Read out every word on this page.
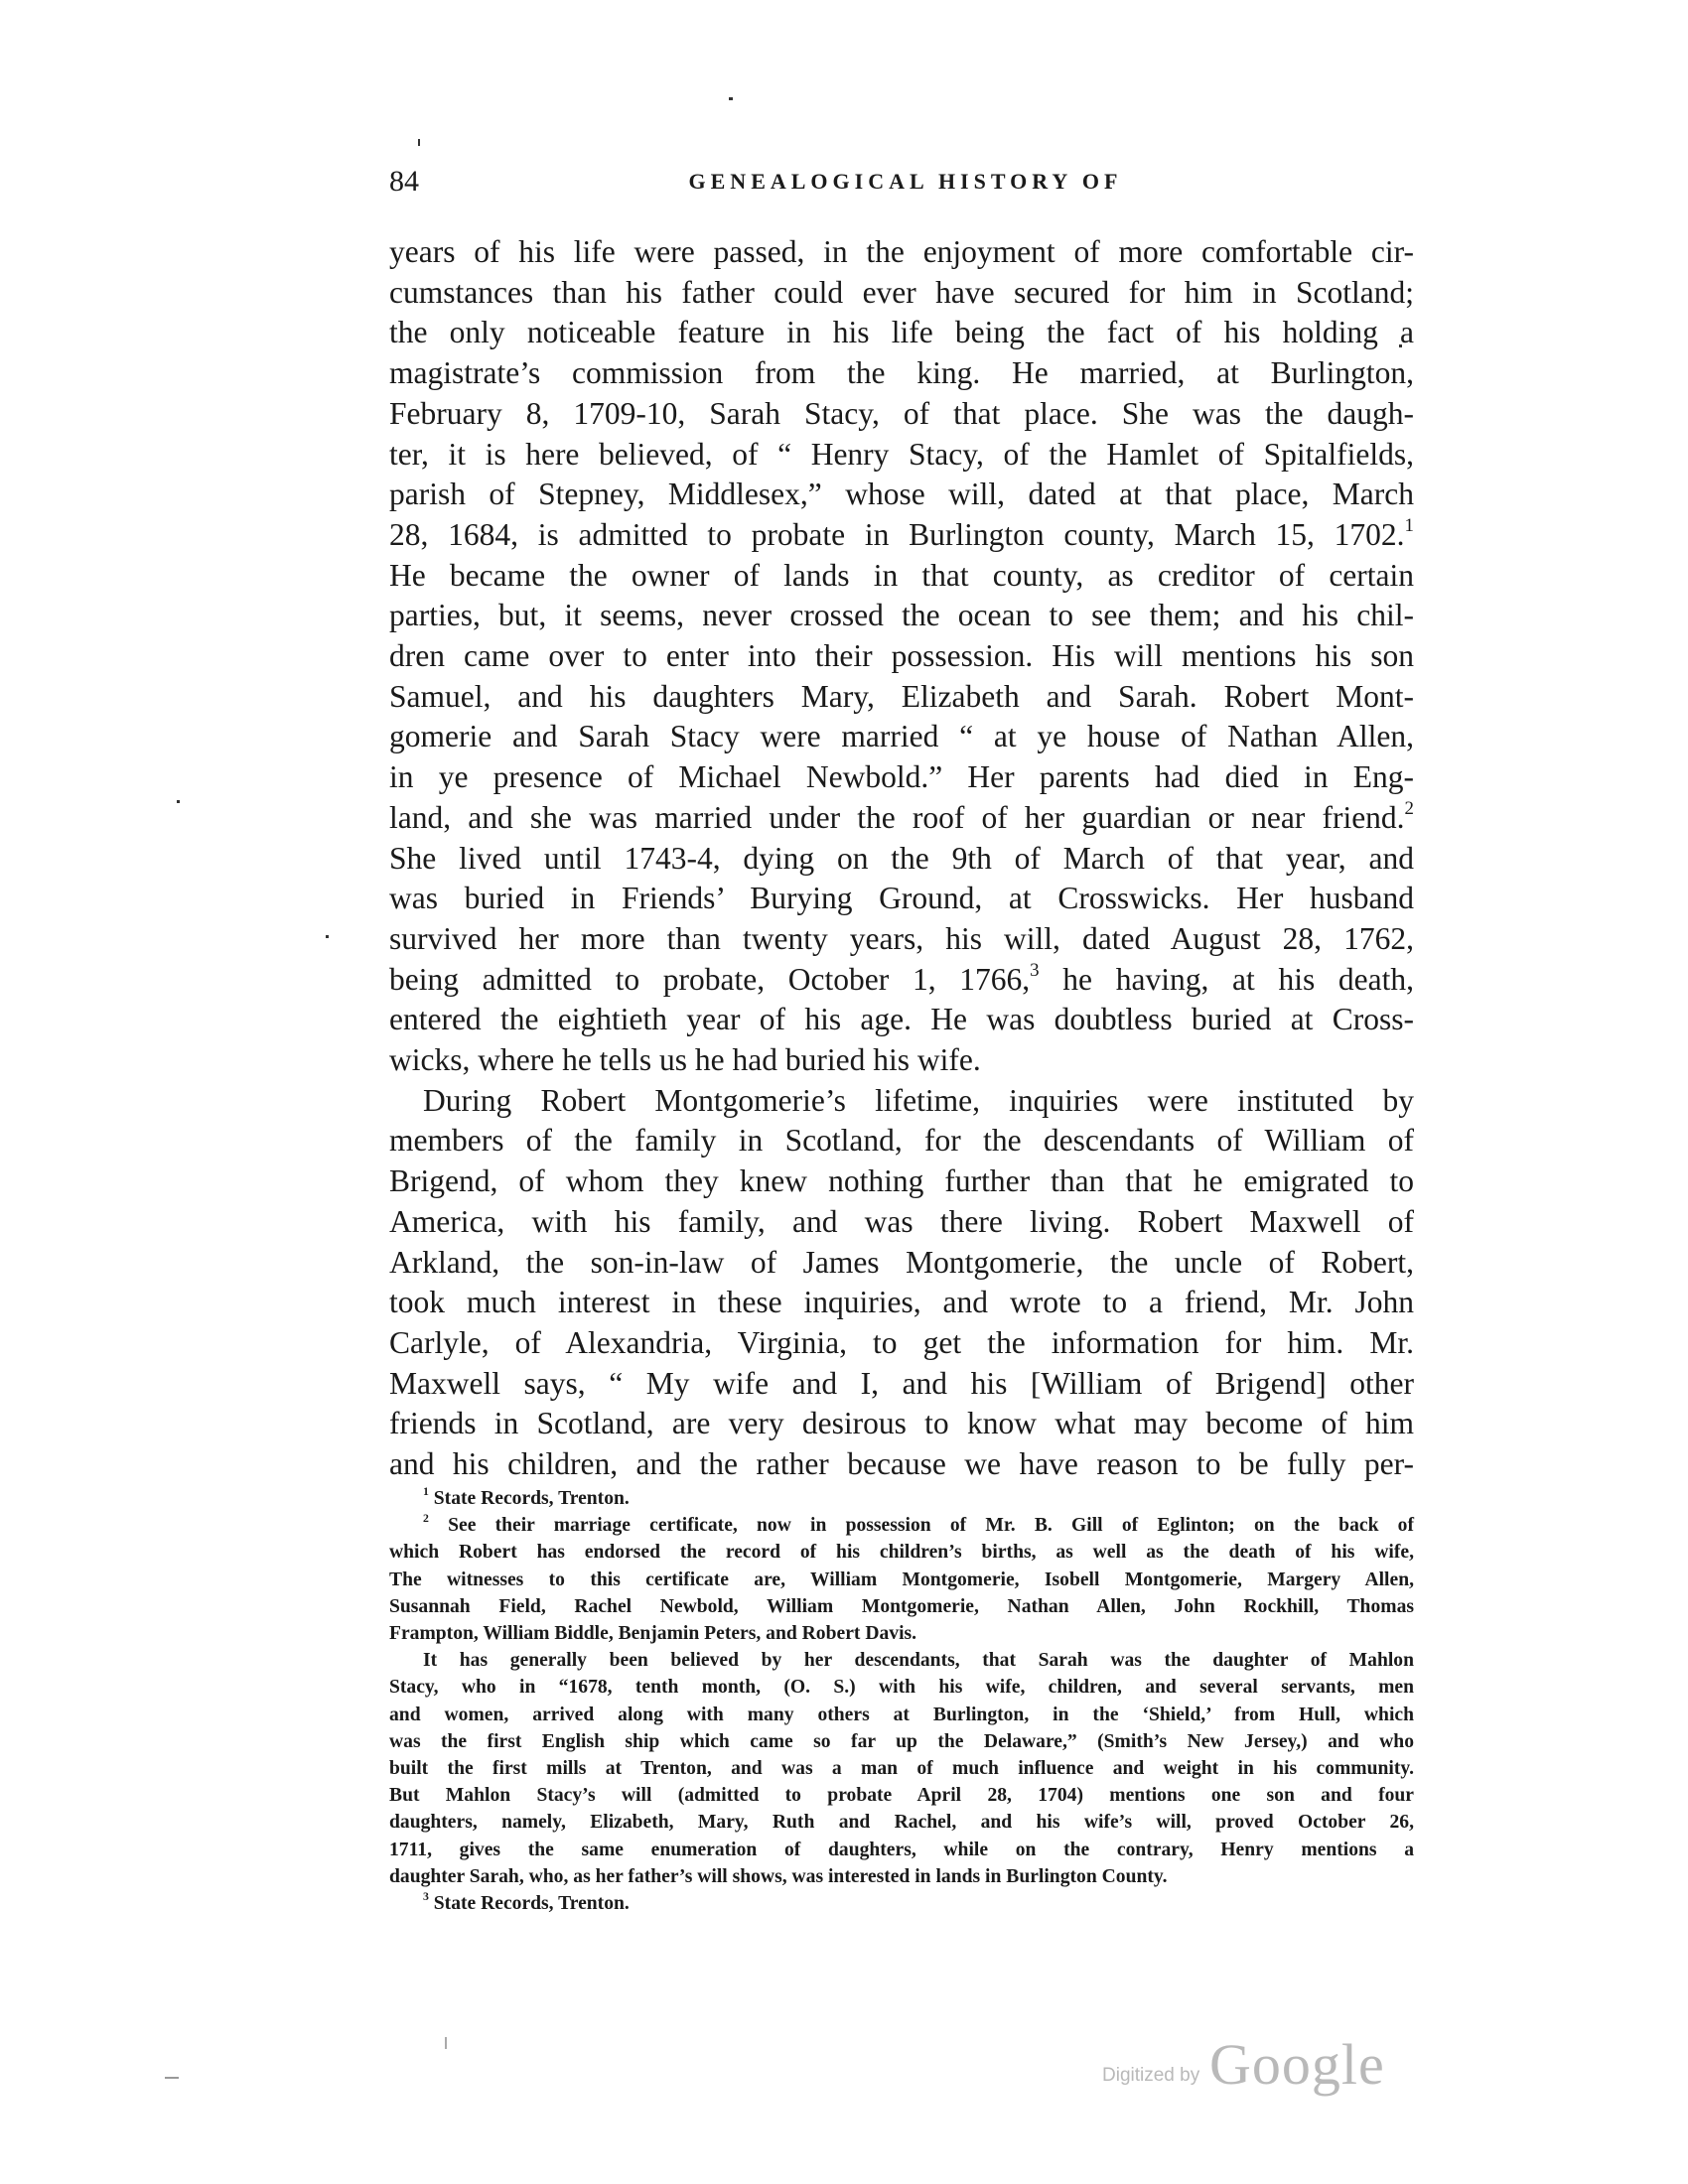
84	GENEALOGICAL HISTORY OF
years of his life were passed, in the enjoyment of more comfortable cir-
cumstances than his father could ever have secured for him in Scotland;
the only noticeable feature in his life being the fact of his holding a
magistrate’s commission from the king. He married, at Burlington,
February 8, 1709-10, Sarah Stacy, of that place. She was the daugh-
ter, it is here believed, of “ Henry Stacy, of the Hamlet of Spitalfields,
parish of Stepney, Middlesex,” whose will, dated at that place, March
28, 1684, is admitted to probate in Burlington county, March 15, 1702.$^1$
He became the owner of lands in that county, as creditor of certain
parties, but, it seems, never crossed the ocean to see them; and his chil-
dren came over to enter into their possession. His will mentions his son
Samuel, and his daughters Mary, Elizabeth and Sarah. Robert Mont-
gomerie and Sarah Stacy were married “ at ye house of Nathan Allen,
in ye presence of Michael Newbold.” Her parents had died in Eng-
land, and she was married under the roof of her guardian or near friend.$^2$
She lived until 1743-4, dying on the 9th of March of that year, and
was buried in Friends’ Burying Ground, at Crosswicks. Her husband
survived her more than twenty years, his will, dated August 28, 1762,
being admitted to probate, October 1, 1766,$^3$ he having, at his death,
entered the eightieth year of his age. He was doubtless buried at Cross-
wicks, where he tells us he had buried his wife.
During Robert Montgomerie’s lifetime, inquiries were instituted by
members of the family in Scotland, for the descendants of William of
Brigend, of whom they knew nothing further than that he emigrated to
America, with his family, and was there living. Robert Maxwell of
Arkland, the son-in-law of James Montgomerie, the uncle of Robert,
took much interest in these inquiries, and wrote to a friend, Mr. John
Carlyle, of Alexandria, Virginia, to get the information for him. Mr.
Maxwell says, “ My wife and I, and his [William of Brigend] other
friends in Scotland, are very desirous to know what may become of him
and his children, and the rather because we have reason to be fully per-
$^1$ State Records, Trenton.
$^2$ See their marriage certificate, now in possession of Mr. B. Gill of Eglinton; on the back of
which Robert has endorsed the record of his children’s births, as well as the death of his wife,
The witnesses to this certificate are, William Montgomerie, Isobell Montgomerie, Margery Allen,
Susannah Field, Rachel Newbold, William Montgomerie, Nathan Allen, John Rockhill, Thomas
Frampton, William Biddle, Benjamin Peters, and Robert Davis.
It has generally been believed by her descendants, that Sarah was the daughter of Mahlon
Stacy, who in “1678, tenth month, (O. S.) with his wife, children, and several servants, men
and women, arrived along with many others at Burlington, in the ‘Shield,’ from Hull, which
was the first English ship which came so far up the Delaware,” (Smith’s New Jersey,) and who
built the first mills at Trenton, and was a man of much influence and weight in his community.
But Mahlon Stacy’s will (admitted to probate April 28, 1704) mentions one son and four
daughters, namely, Elizabeth, Mary, Ruth and Rachel, and his wife’s will, proved October 26,
1711, gives the same enumeration of daughters, while on the contrary, Henry mentions a
daughter Sarah, who, as her father’s will shows, was interested in lands in Burlington County.
$^3$ State Records, Trenton.
Digitized by Google
